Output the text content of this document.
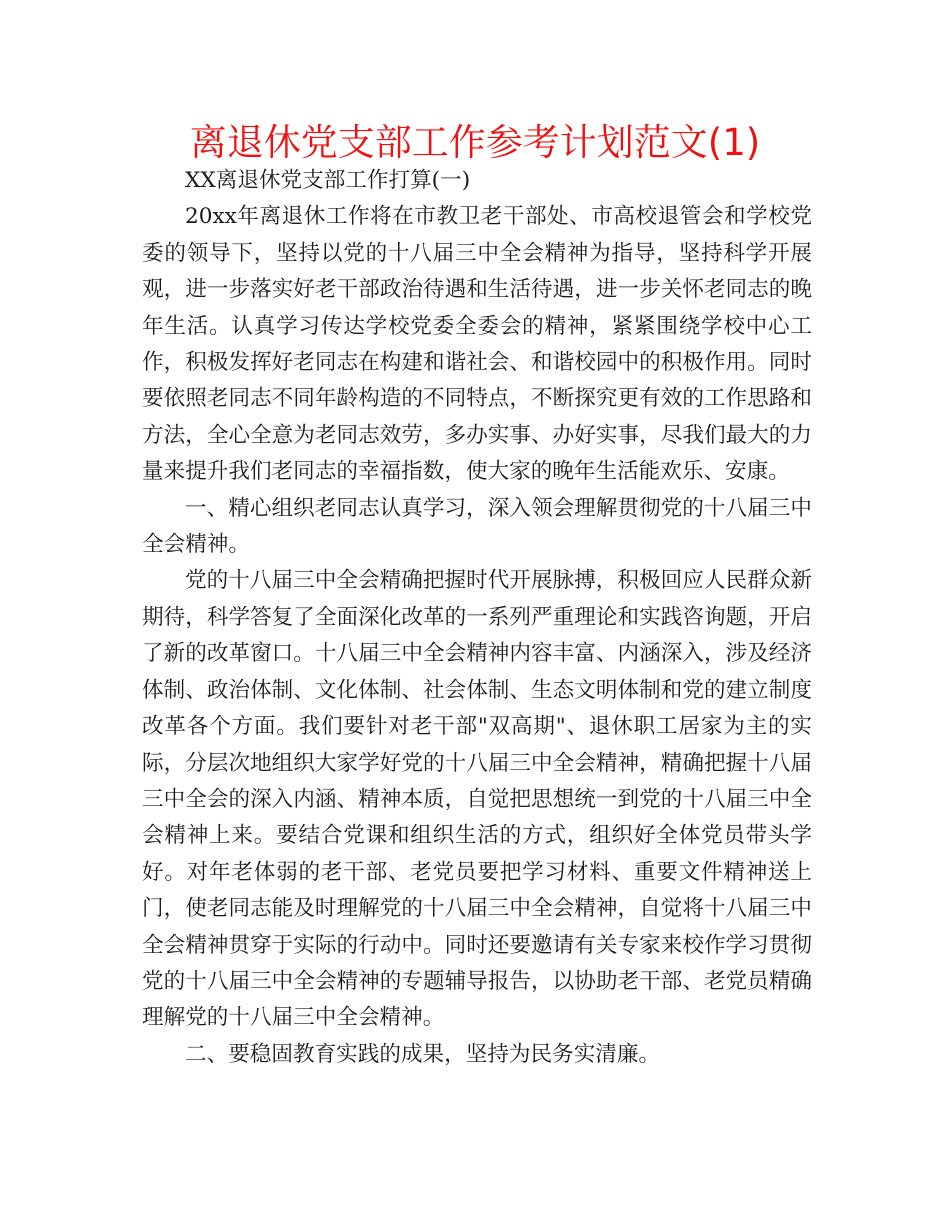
离退休党支部工作参考计划范文(1)

XX离退休党支部工作打算(一)

20xx年离退休工作将在市教卫老干部处、市高校退管会和学校党委的领导下，坚持以党的十八届三中全会精神为指导，坚持科学开展观，进一步落实好老干部政治待遇和生活待遇，进一步关怀老同志的晚年生活。认真学习传达学校党委全委会的精神，紧紧围绕学校中心工作，积极发挥好老同志在构建和谐社会、和谐校园中的积极作用。同时要依照老同志不同年龄构造的不同特点，不断探究更有效的工作思路和方法，全心全意为老同志效劳，多办实事、办好实事，尽我们最大的力量来提升我们老同志的幸福指数，使大家的晚年生活能欢乐、安康。

一、精心组织老同志认真学习，深入领会理解贯彻党的十八届三中全会精神。

党的十八届三中全会精确把握时代开展脉搏，积极回应人民群众新期待，科学答复了全面深化改革的一系列严重理论和实践咨询题，开启了新的改革窗口。十八届三中全会精神内容丰富、内涵深入，涉及经济体制、政治体制、文化体制、社会体制、生态文明体制和党的建立制度改革各个方面。我们要针对老干部"双高期"、退休职工居家为主的实际，分层次地组织大家学好党的十八届三中全会精神，精确把握十八届三中全会的深入内涵、精神本质，自觉把思想统一到党的十八届三中全会精神上来。要结合党课和组织生活的方式，组织好全体党员带头学好。对年老体弱的老干部、老党员要把学习材料、重要文件精神送上门，使老同志能及时理解党的十八届三中全会精神，自觉将十八届三中全会精神贯穿于实际的行动中。同时还要邀请有关专家来校作学习贯彻党的十八届三中全会精神的专题辅导报告，以协助老干部、老党员精确理解党的十八届三中全会精神。

二、要稳固教育实践的成果，坚持为民务实清廉。
